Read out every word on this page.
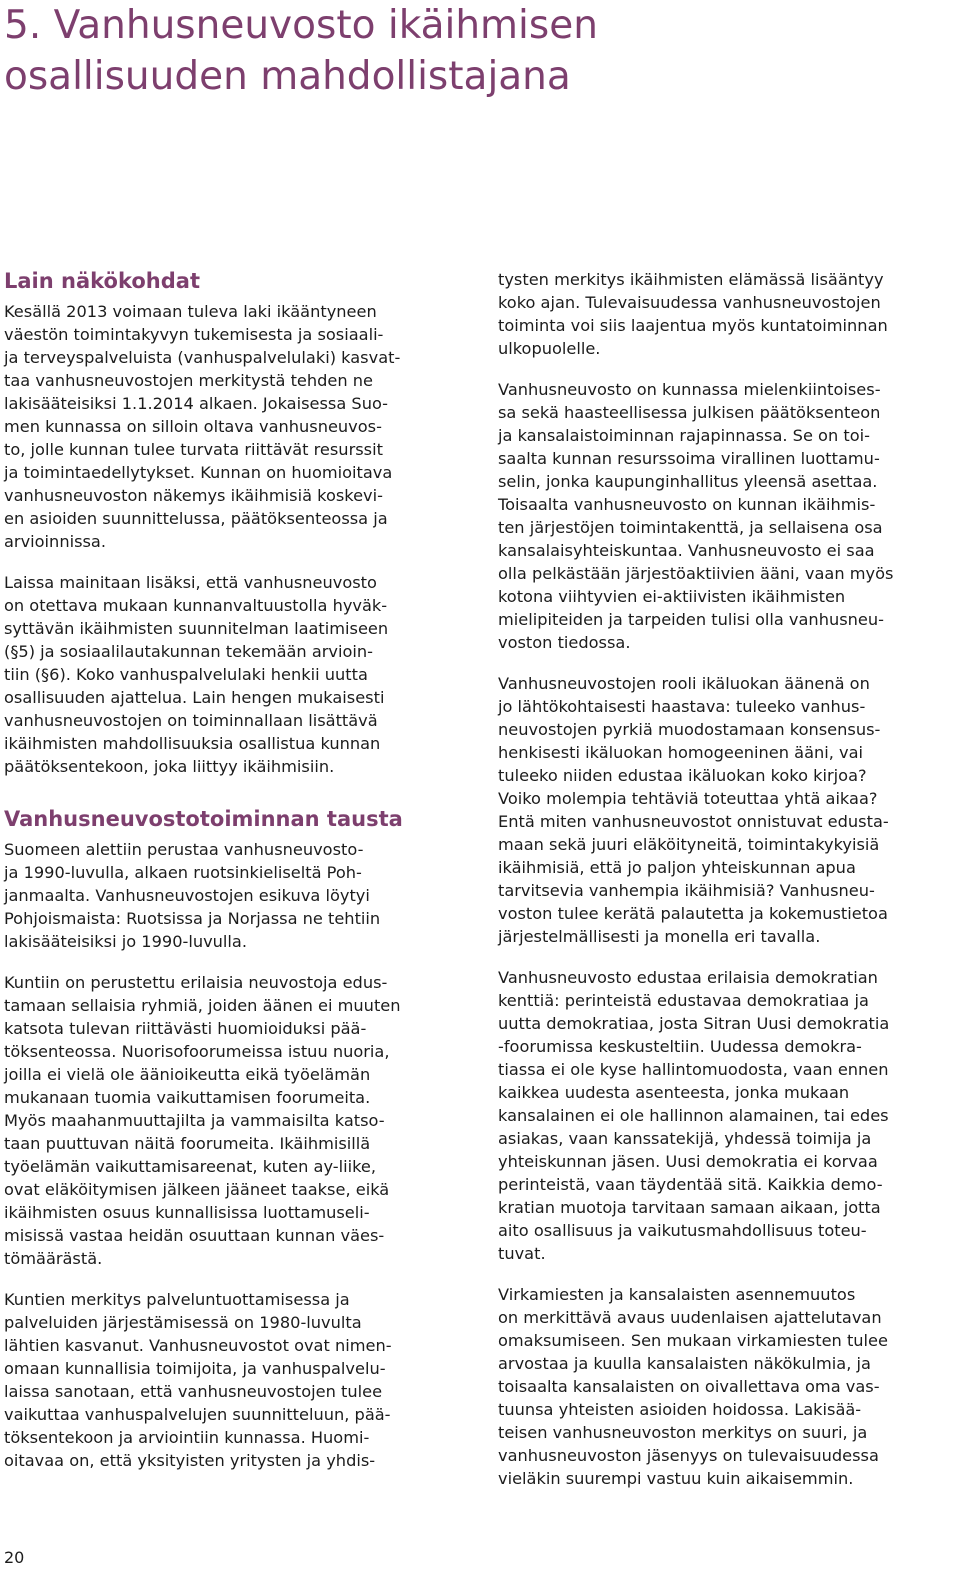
5. Vanhusneuvosto ikäihmisen
osallisuuden mahdollistajana
Lain näkökohdat
Kesällä 2013 voimaan tuleva laki ikääntyneen
väestön toimintakyvyn tukemisesta ja sosiaali-
ja terveyspalveluista (vanhuspalvelulaki) kasvat-
taa vanhusneuvostojen merkitystä tehden ne
lakisääteisiksi 1.1.2014 alkaen. Jokaisessa Suo-
men kunnassa on silloin oltava vanhusneuvos-
to, jolle kunnan tulee turvata riittävät resurssit
ja toimintaedellytykset. Kunnan on huomioitava
vanhusneuvoston näkemys ikäihmisiä koskevi-
en asioiden suunnittelussa, päätöksenteossa ja
arvioinnissa.
Laissa mainitaan lisäksi, että vanhusneuvosto
on otettava mukaan kunnanvaltuustolla hyväk-
syttävän ikäihmisten suunnitelman laatimiseen
(§5) ja sosiaalilautakunnan tekemään arvioin-
tiin (§6). Koko vanhuspalvelulaki henkii uutta
osallisuuden ajattelua. Lain hengen mukaisesti
vanhusneuvostojen on toiminnallaan lisättävä
ikäihmisten mahdollisuuksia osallistua kunnan
päätöksentekoon, joka liittyy ikäihmisiin.
Vanhusneuvostotoiminnan tausta
Suomeen alettiin perustaa vanhusneuvosto-
ja 1990-luvulla, alkaen ruotsinkieliseltä Poh-
janmaalta. Vanhusneuvostojen esikuva löytyi
Pohjoismaista: Ruotsissa ja Norjassa ne tehtiin
lakisääteisiksi jo 1990-luvulla.
Kuntiin on perustettu erilaisia neuvostoja edus-
tamaan sellaisia ryhmiä, joiden äänen ei muuten
katsota tulevan riittävästi huomioiduksi pää-
töksenteossa. Nuorisofoorumeissa istuu nuoria,
joilla ei vielä ole äänioikeutta eikä työelämän
mukanaan tuomia vaikuttamisen foorumeita.
Myös maahanmuuttajilta ja vammaisilta katso-
taan puuttuvan näitä foorumeita. Ikäihmisillä
työelämän vaikuttamisareenat, kuten ay-liike,
ovat eläköitymisen jälkeen jääneet taakse, eikä
ikäihmisten osuus kunnallisissa luottamuseli-
misissä vastaa heidän osuuttaan kunnan väes-
tömäärästä.
Kuntien merkitys palveluntuottamisessa ja
palveluiden järjestämisessä on 1980-luvulta
lähtien kasvanut. Vanhusneuvostot ovat nimen-
omaan kunnallisia toimijoita, ja vanhuspalvelu-
laissa sanotaan, että vanhusneuvostojen tulee
vaikuttaa vanhuspalvelujen suunnitteluun, pää-
töksentekoon ja arviointiin kunnassa. Huomi-
oitavaa on, että yksityisten yritysten ja yhdis-
tysten merkitys ikäihmisten elämässä lisääntyy
koko ajan. Tulevaisuudessa vanhusneuvostojen
toiminta voi siis laajentua myös kuntatoiminnan
ulkopuolelle.
Vanhusneuvosto on kunnassa mielenkiintoises-
sa sekä haasteellisessa julkisen päätöksenteon
ja kansalaistoiminnan rajapinnassa. Se on toi-
saalta kunnan resurssoima virallinen luottamu-
selin, jonka kaupunginhallitus yleensä asettaa.
Toisaalta vanhusneuvosto on kunnan ikäihmis-
ten järjestöjen toimintakenttä, ja sellaisena osa
kansalaisyhteiskuntaa. Vanhusneuvosto ei saa
olla pelkästään järjestöaktiivien ääni, vaan myös
kotona viihtyvien ei-aktiivisten ikäihmisten
mielipiteiden ja tarpeiden tulisi olla vanhusneu-
voston tiedossa.
Vanhusneuvostojen rooli ikäluokan äänenä on
jo lähtökohtaisesti haastava: tuleeko vanhus-
neuvostojen pyrkiä muodostamaan konsensus-
henkisesti ikäluokan homogeeninen ääni, vai
tuleeko niiden edustaa ikäluokan koko kirjoa?
Voiko molempia tehtäviä toteuttaa yhtä aikaa?
Entä miten vanhusneuvostot onnistuvat edusta-
maan sekä juuri eläköityneitä, toimintakykyisiä
ikäihmisiä, että jo paljon yhteiskunnan apua
tarvitsevia vanhempia ikäihmisiä? Vanhusneu-
voston tulee kerätä palautetta ja kokemustietoa
järjestelmällisesti ja monella eri tavalla.
Vanhusneuvosto edustaa erilaisia demokratian
kenttiä: perinteistä edustavaa demokratiaa ja
uutta demokratiaa, josta Sitran Uusi demokratia
-foorumissa keskusteltiin. Uudessa demokra-
tiassa ei ole kyse hallintomuodosta, vaan ennen
kaikkea uudesta asenteesta, jonka mukaan
kansalainen ei ole hallinnon alamainen, tai edes
asiakas, vaan kanssatekijä, yhdessä toimija ja
yhteiskunnan jäsen. Uusi demokratia ei korvaa
perinteistä, vaan täydentää sitä. Kaikkia demo-
kratian muotoja tarvitaan samaan aikaan, jotta
aito osallisuus ja vaikutusmahdollisuus toteu-
tuvat.
Virkamiesten ja kansalaisten asennemuutos
on merkittävä avaus uudenlaisen ajattelutavan
omaksumiseen. Sen mukaan virkamiesten tulee
arvostaa ja kuulla kansalaisten näkökulmia, ja
toisaalta kansalaisten on oivallettava oma vas-
tuunsa yhteisten asioiden hoidossa. Lakisää-
teisen vanhusneuvoston merkitys on suuri, ja
vanhusneuvoston jäsenyys on tulevaisuudessa
vieläkin suurempi vastuu kuin aikaisemmin.
20
